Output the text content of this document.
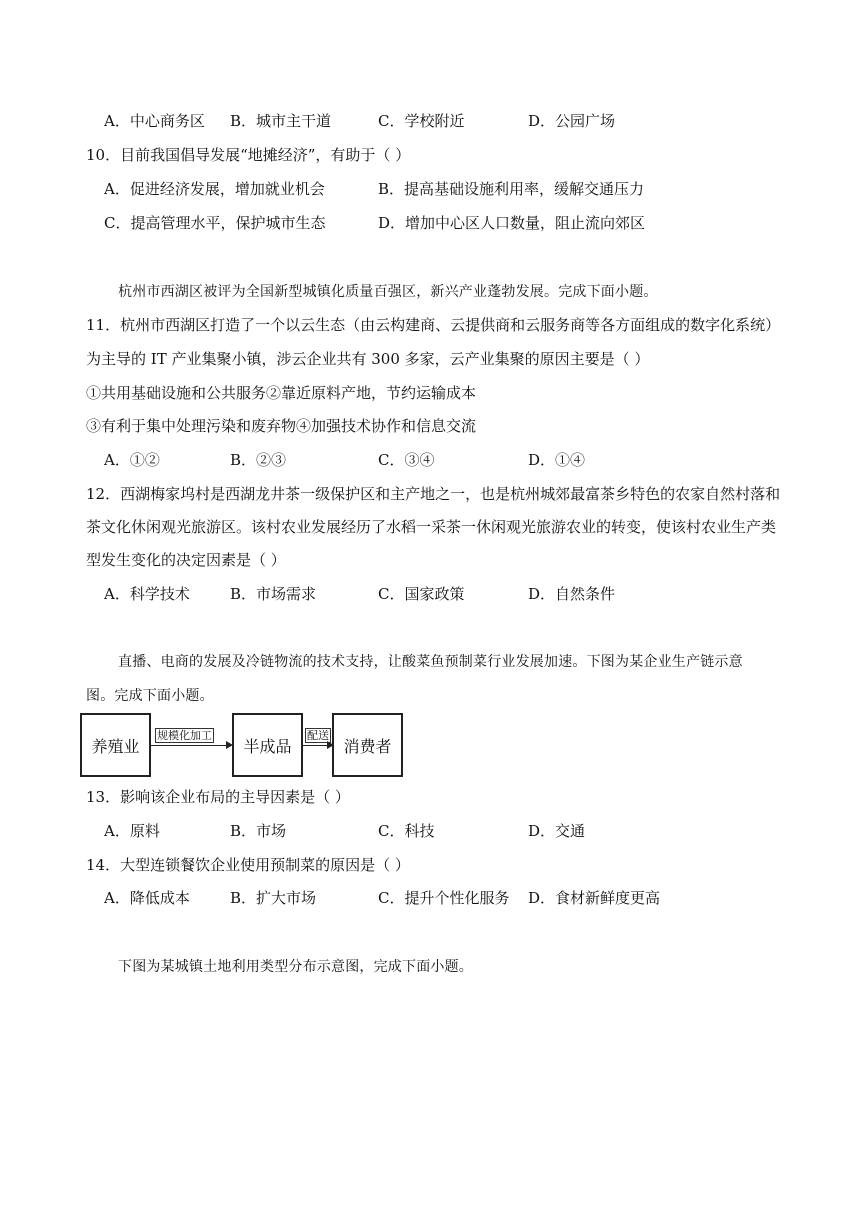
A．中心商务区 B．城市主干道	C．学校附近	D．公园广场
10．目前我国倡导发展“地摊经济”，有助于（ ）
A．促进经济发展，增加就业机会	B．提高基础设施利用率，缓解交通压力
C．提高管理水平，保护城市生态	D．增加中心区人口数量，阻止流向郊区
杭州市西湖区被评为全国新型城镇化质量百强区，新兴产业蓬勃发展。完成下面小题。
11．杭州市西湖区打造了一个以云生态（由云构建商、云提供商和云服务商等各方面组成的数字化系统）
为主导的 IT 产业集聚小镇，涉云企业共有 300 多家，云产业集聚的原因主要是（ ）
①共用基础设施和公共服务②靠近原料产地，节约运输成本
③有利于集中处理污染和废弃物④加强技术协作和信息交流
A．①②	B．②③	C．③④	D．①④
12．西湖梅家坞村是西湖龙井茶一级保护区和主产地之一，也是杭州城郊最富茶乡特色的农家自然村落和
茶文化休闲观光旅游区。该村农业发展经历了水稻一采茶一休闲观光旅游农业的转变，使该村农业生产类
型发生变化的决定因素是（ ）
A．科学技术	B．市场需求	C．国家政策	D．自然条件
直播、电商的发展及冷链物流的技术支持，让酸菜鱼预制菜行业发展加速。下图为某企业生产链示意
图。完成下面小题。
养殖业
规模化加工
半成品
配送
消费者
13．影响该企业布局的主导因素是（ ）
A．原料	B．市场	C．科技	D．交通
14．大型连锁餐饮企业使用预制菜的原因是（ ）
A．降低成本	B．扩大市场	C．提升个性化服务 D．食材新鲜度更高
下图为某城镇土地利用类型分布示意图，完成下面小题。
